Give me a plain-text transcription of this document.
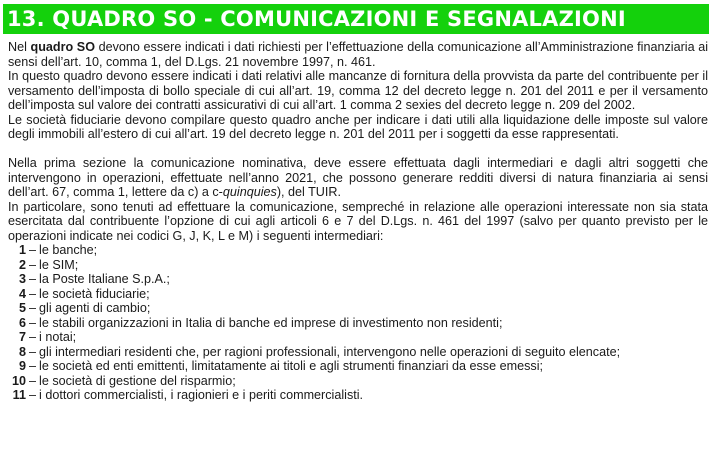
13. QUADRO SO - COMUNICAZIONI E SEGNALAZIONI

Nel quadro SO devono essere indicati i dati richiesti per l’effettuazione della comunicazione all’Amministrazione finanziaria ai sensi dell’art. 10, comma 1, del D.Lgs. 21 novembre 1997, n. 461.

In questo quadro devono essere indicati i dati relativi alle mancanze di fornitura della provvista da parte del contribuente per il versamento dell’imposta di bollo speciale di cui all’art. 19, comma 12 del decreto legge n. 201 del 2011 e per il versamento dell’imposta sul valore dei contratti assicurativi di cui all’art. 1 comma 2 sexies del decreto legge n. 209 del 2002.

Le società fiduciarie devono compilare questo quadro anche per indicare i dati utili alla liquidazione delle imposte sul valore degli immobili all’estero di cui all’art. 19 del decreto legge n. 201 del 2011 per i soggetti da esse rappresentati.

Nella prima sezione la comunicazione nominativa, deve essere effettuata dagli intermediari e dagli altri soggetti che intervengono in operazioni, effettuate nell’anno 2021, che possono generare redditi diversi di natura finanziaria ai sensi dell’art. 67, comma 1, lettere da c) a c-quinquies), del TUIR.

In particolare, sono tenuti ad effettuare la comunicazione, sempreché in relazione alle operazioni interessate non sia stata esercitata dal contribuente l’opzione di cui agli articoli 6 e 7 del D.Lgs. n. 461 del 1997 (salvo per quanto previsto per le operazioni indicate nei codici G, J, K, L e M) i seguenti intermediari:

1 – le banche;
2 – le SIM;
3 – la Poste Italiane S.p.A.;
4 – le società fiduciarie;
5 – gli agenti di cambio;
6 – le stabili organizzazioni in Italia di banche ed imprese di investimento non residenti;
7 – i notai;
8 – gli intermediari residenti che, per ragioni professionali, intervengono nelle operazioni di seguito elencate;
9 – le società ed enti emittenti, limitatamente ai titoli e agli strumenti finanziari da esse emessi;
10 – le società di gestione del risparmio;
11 – i dottori commercialisti, i ragionieri e i periti commercialisti.
